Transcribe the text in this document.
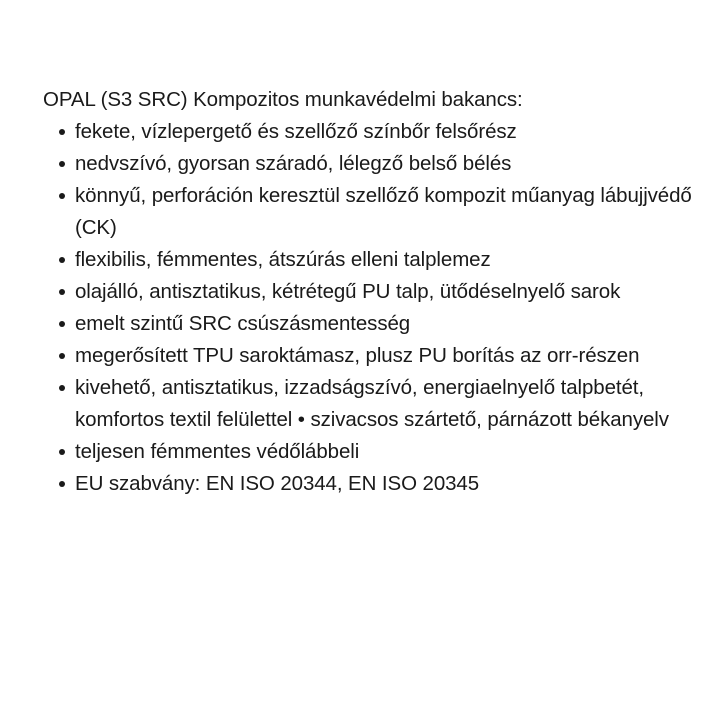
OPAL (S3 SRC) Kompozitos munkavédelmi bakancs:
fekete, vízlepergető és szellőző színbőr felsőrész
nedvszívó, gyorsan száradó, lélegző belső bélés
könnyű, perforáción keresztül szellőző kompozit műanyag lábujjvédő (CK)
flexibilis, fémmentes, átszúrás elleni talplemez
olajálló, antisztatikus, kétrétegű PU talp, ütődéselnyelő sarok
emelt szintű SRC csúszásmentesség
megerősített TPU saroktámasz, plusz PU borítás az orr-részen
kivehető, antisztatikus, izzadságszívó, energiaelnyelő talpbetét, komfortos textil felülettel • szivacsos szártető, párnázott békanyelv
teljesen fémmentes védőlábbeli
EU szabvány: EN ISO 20344, EN ISO 20345
